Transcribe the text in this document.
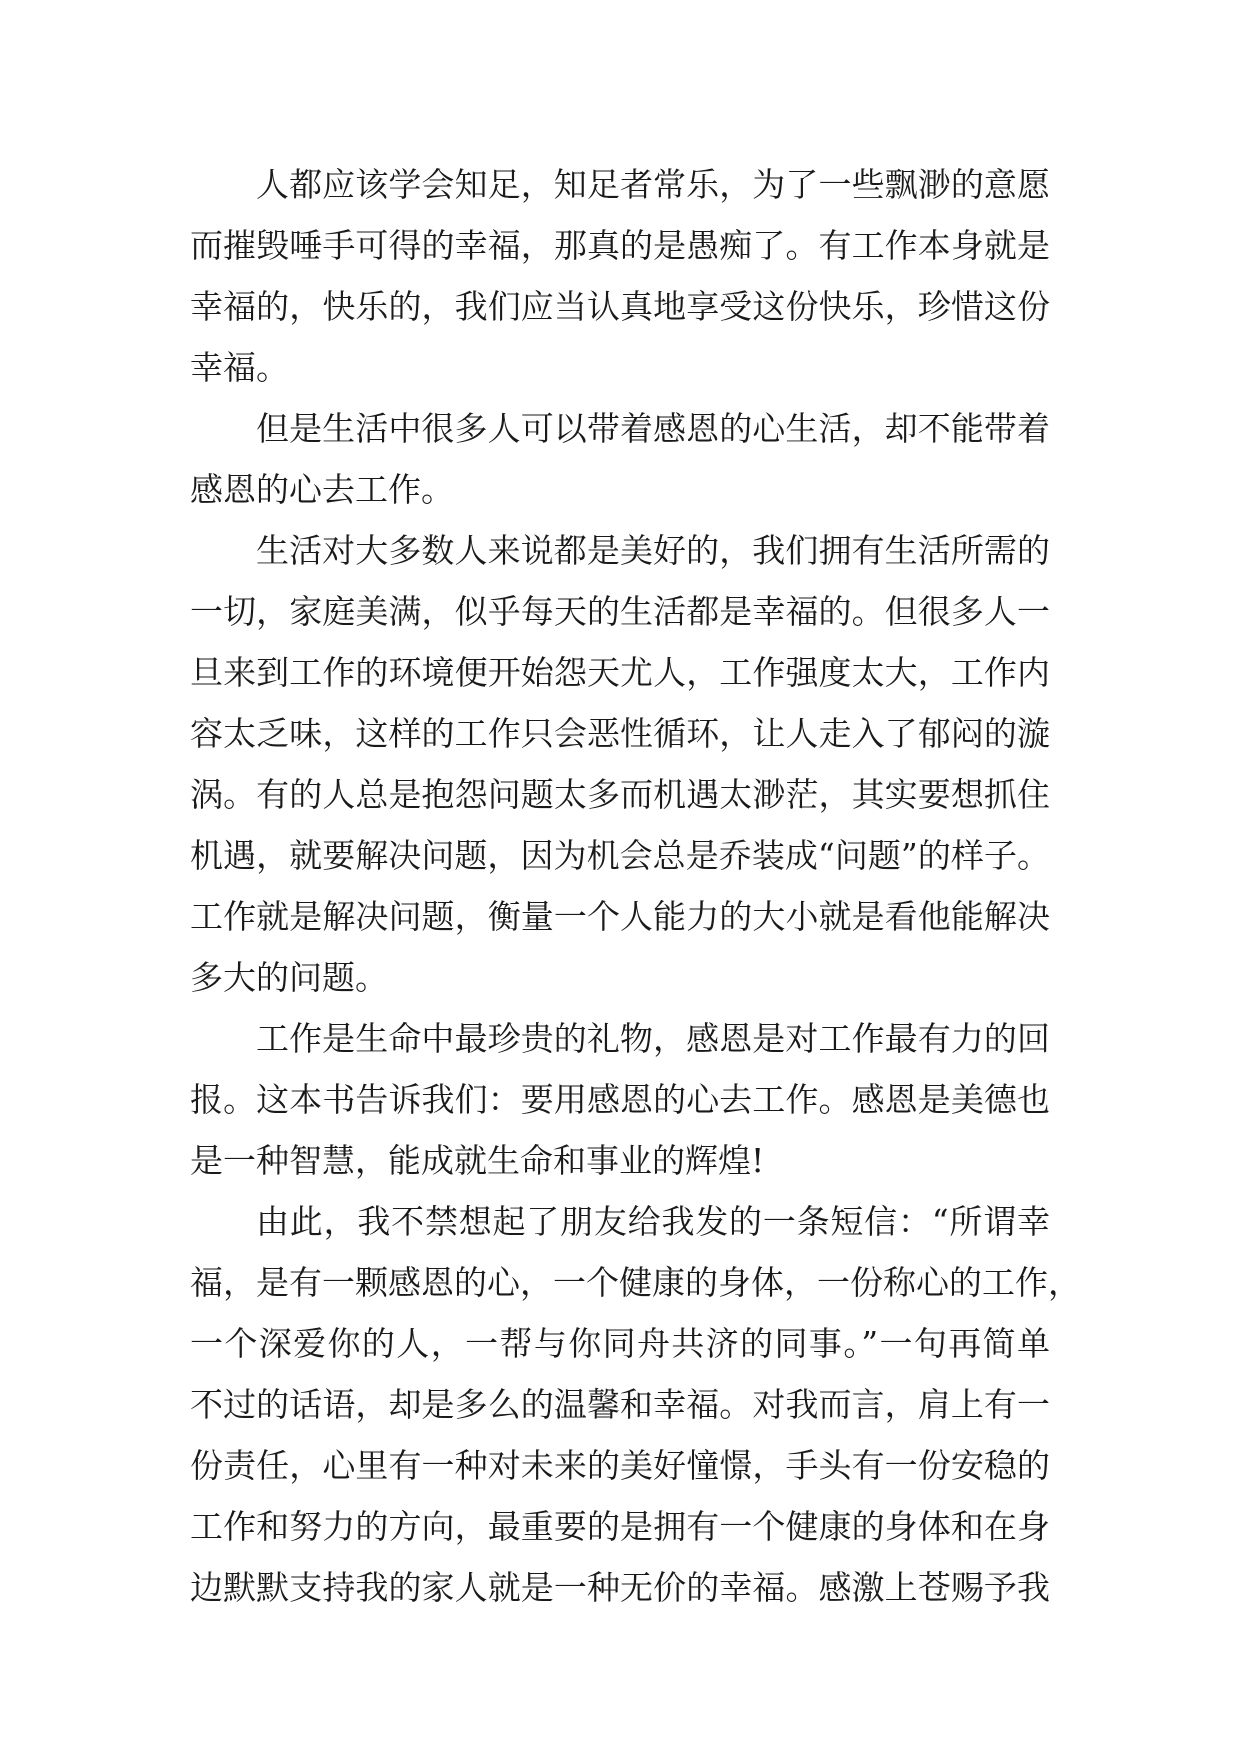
人都应该学会知足，知足者常乐，为了一些飘渺的意愿
而摧毁唾手可得的幸福，那真的是愚痴了。有工作本身就是
幸福的，快乐的，我们应当认真地享受这份快乐，珍惜这份
幸福。
但是生活中很多人可以带着感恩的心生活，却不能带着
感恩的心去工作。
生活对大多数人来说都是美好的，我们拥有生活所需的
一切，家庭美满，似乎每天的生活都是幸福的。但很多人一
旦来到工作的环境便开始怨天尤人，工作强度太大，工作内
容太乏味，这样的工作只会恶性循环，让人走入了郁闷的漩
涡。有的人总是抱怨问题太多而机遇太渺茫，其实要想抓住
机遇，就要解决问题，因为机会总是乔装成“问题”的样子。
工作就是解决问题，衡量一个人能力的大小就是看他能解决
多大的问题。
工作是生命中最珍贵的礼物，感恩是对工作最有力的回
报。这本书告诉我们：要用感恩的心去工作。感恩是美德也
是一种智慧，能成就生命和事业的辉煌!
由此，我不禁想起了朋友给我发的一条短信：“所谓幸
福，是有一颗感恩的心，一个健康的身体，一份称心的工作，
一个深爱你的人，一帮与你同舟共济的同事。”一句再简单
不过的话语，却是多么的温馨和幸福。对我而言，肩上有一
份责任，心里有一种对未来的美好憧憬，手头有一份安稳的
工作和努力的方向，最重要的是拥有一个健康的身体和在身
边默默支持我的家人就是一种无价的幸福。感激上苍赐予我
